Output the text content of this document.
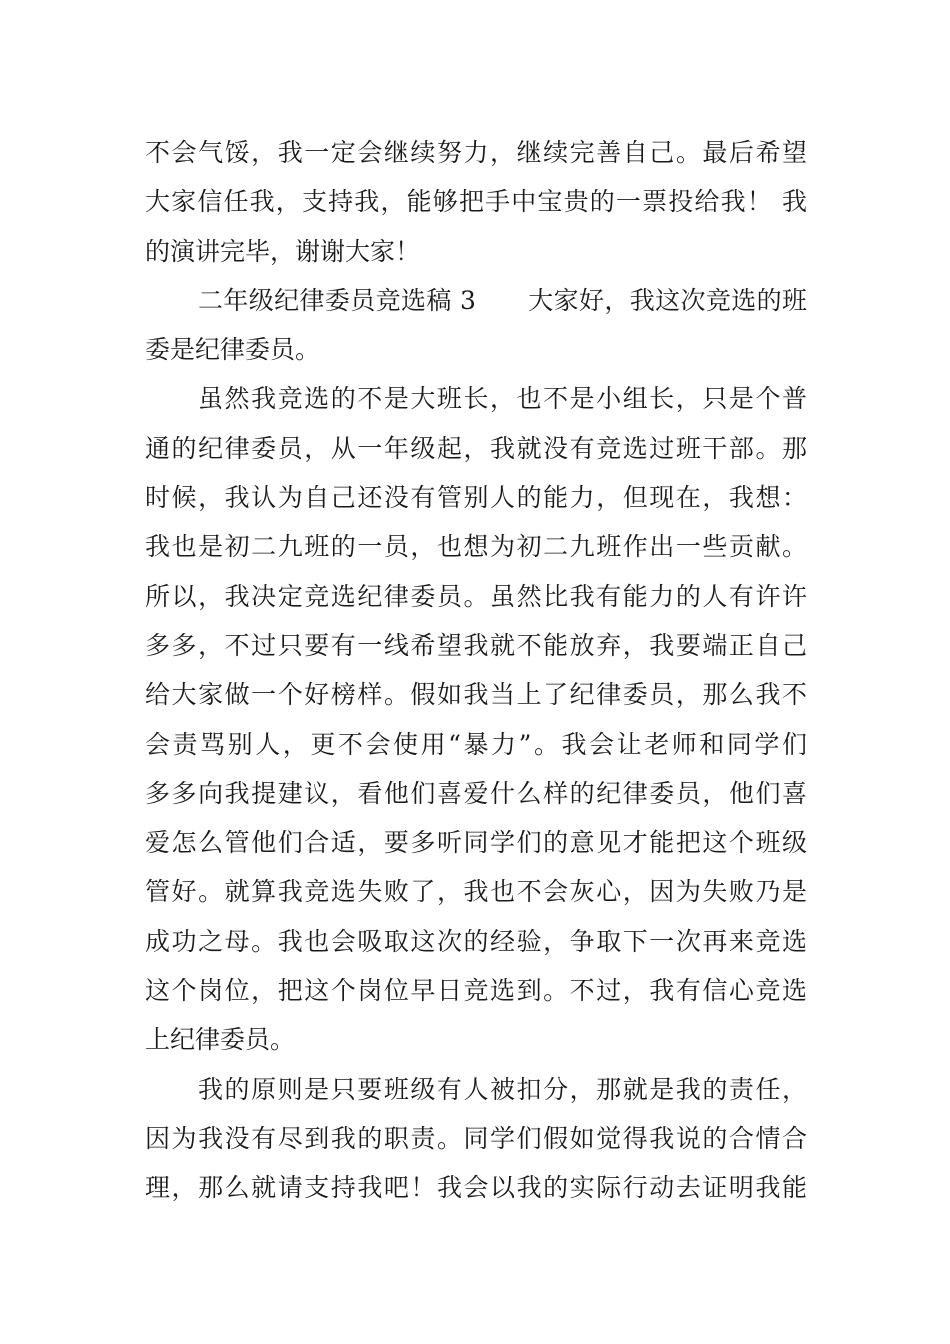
不会气馁，我一定会继续努力，继续完善自己。最后希望
大家信任我，支持我，能够把手中宝贵的一票投给我！ 我
的演讲完毕，谢谢大家！
二年级纪律委员竞选稿 3 大家好，我这次竞选的班
委是纪律委员。
虽然我竞选的不是大班长，也不是小组长，只是个普
通的纪律委员，从一年级起，我就没有竞选过班干部。那
时候，我认为自己还没有管别人的能力，但现在，我想：
我也是初二九班的一员，也想为初二九班作出一些贡献。
所以，我决定竞选纪律委员。虽然比我有能力的人有许许
多多，不过只要有一线希望我就不能放弃，我要端正自己
给大家做一个好榜样。假如我当上了纪律委员，那么我不
会责骂别人，更不会使用“暴力”。我会让老师和同学们
多多向我提建议，看他们喜爱什么样的纪律委员，他们喜
爱怎么管他们合适，要多听同学们的意见才能把这个班级
管好。就算我竞选失败了，我也不会灰心，因为失败乃是
成功之母。我也会吸取这次的经验，争取下一次再来竞选
这个岗位，把这个岗位早日竞选到。不过，我有信心竞选
上纪律委员。
我的原则是只要班级有人被扣分，那就是我的责任，
因为我没有尽到我的职责。同学们假如觉得我说的合情合
理，那么就请支持我吧！我会以我的实际行动去证明我能
